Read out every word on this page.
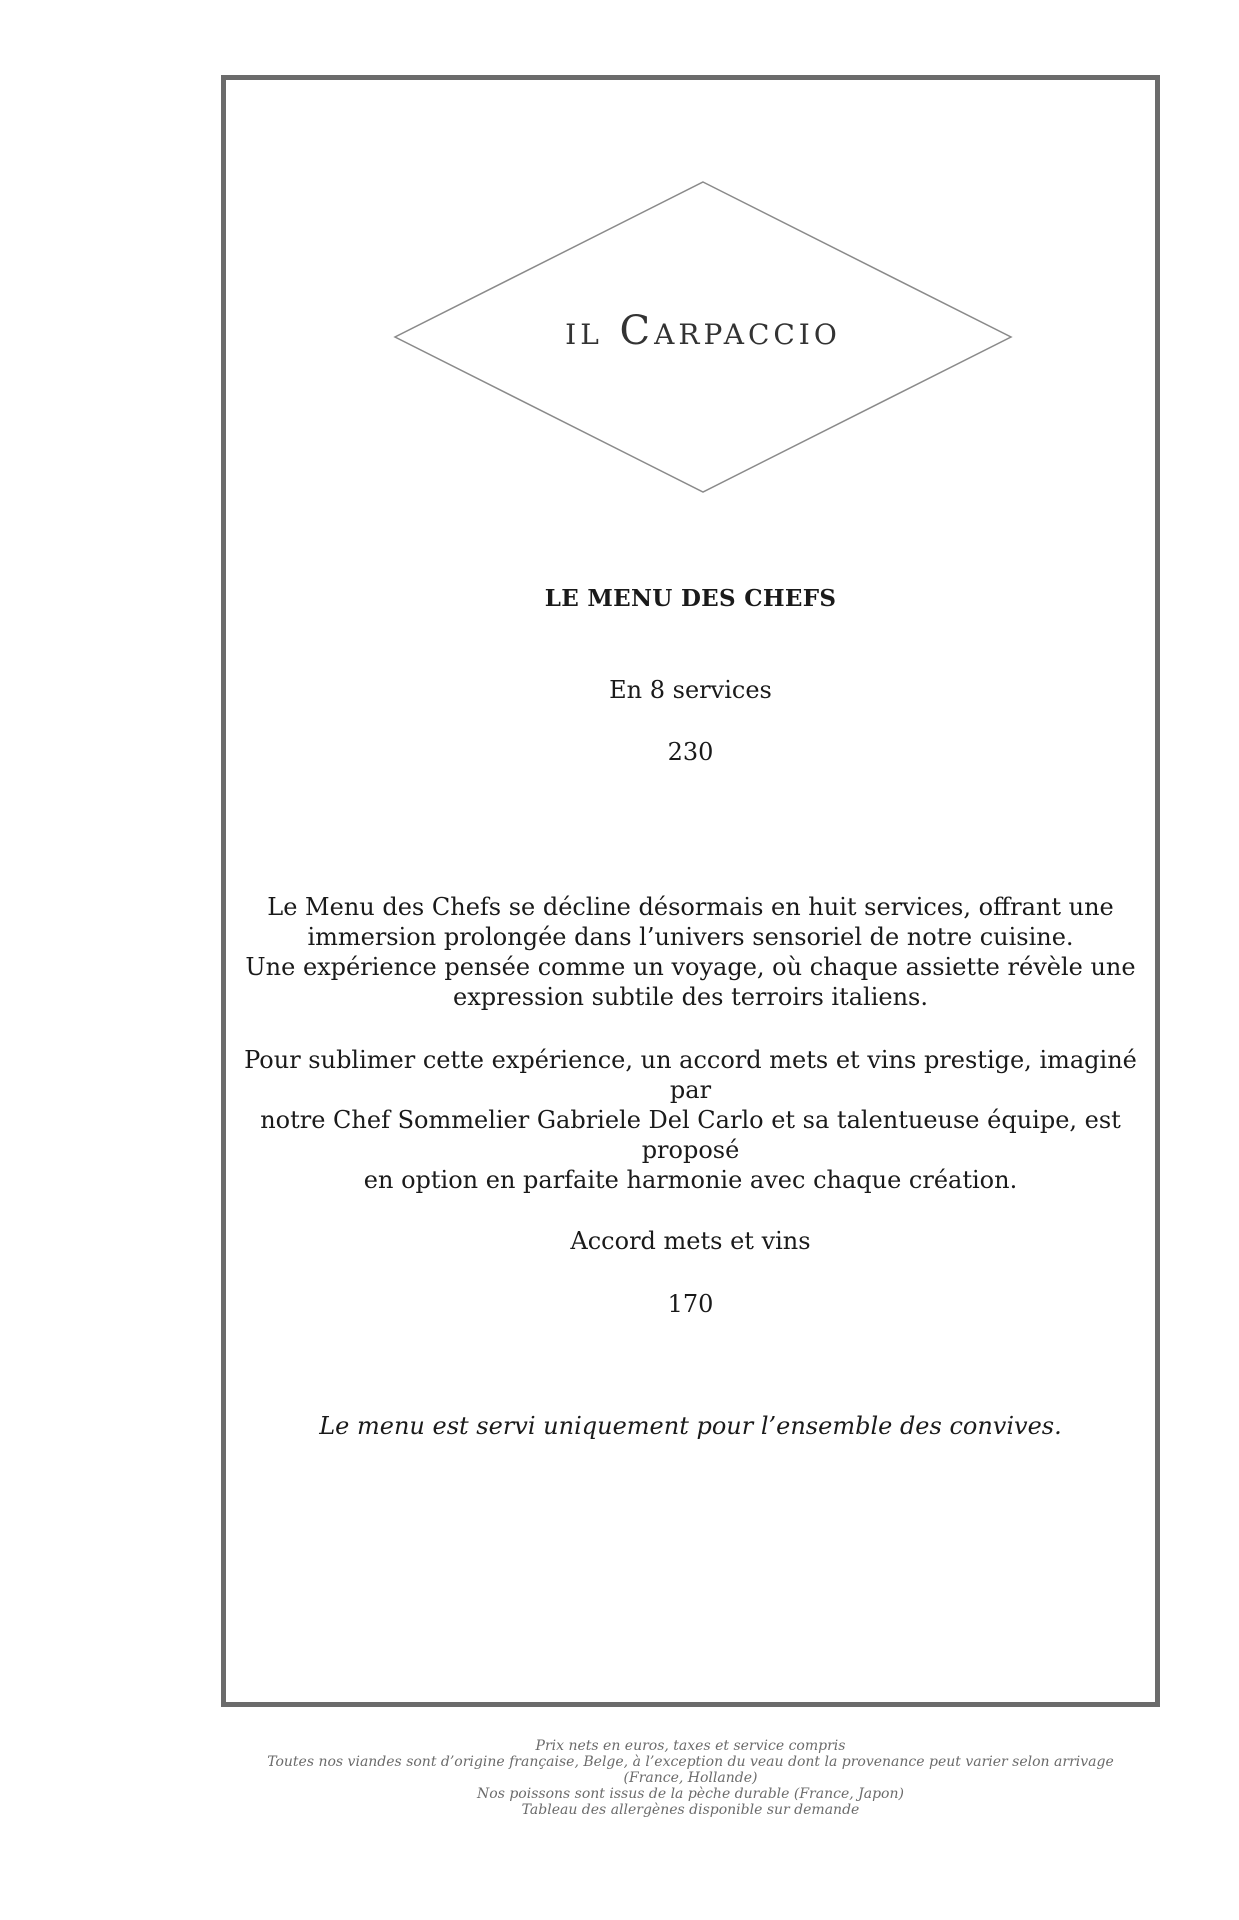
il Carpaccio
LE MENU DES CHEFS
En 8 services
230

Le Menu des Chefs se décline désormais en huit services, offrant une

immersion prolongée dans l’univers sensoriel de notre cuisine.

Une expérience pensée comme un voyage, où chaque assiette révèle une

expression subtile des terroirs italiens.

Pour sublimer cette expérience, un accord mets et vins prestige, imaginé par

notre Chef Sommelier Gabriele Del Carlo et sa talentueuse équipe, est proposé

en option en parfaite harmonie avec chaque création.

Accord mets et vins
170
Le menu est servi uniquement pour l’ensemble des convives.
Prix nets en euros, taxes et service compris
Toutes nos viandes sont d’origine française, Belge, à l’exception du veau dont la provenance peut varier selon arrivage
(France, Hollande)
Nos poissons sont issus de la pèche durable (France, Japon)
Tableau des allergènes disponible sur demande
